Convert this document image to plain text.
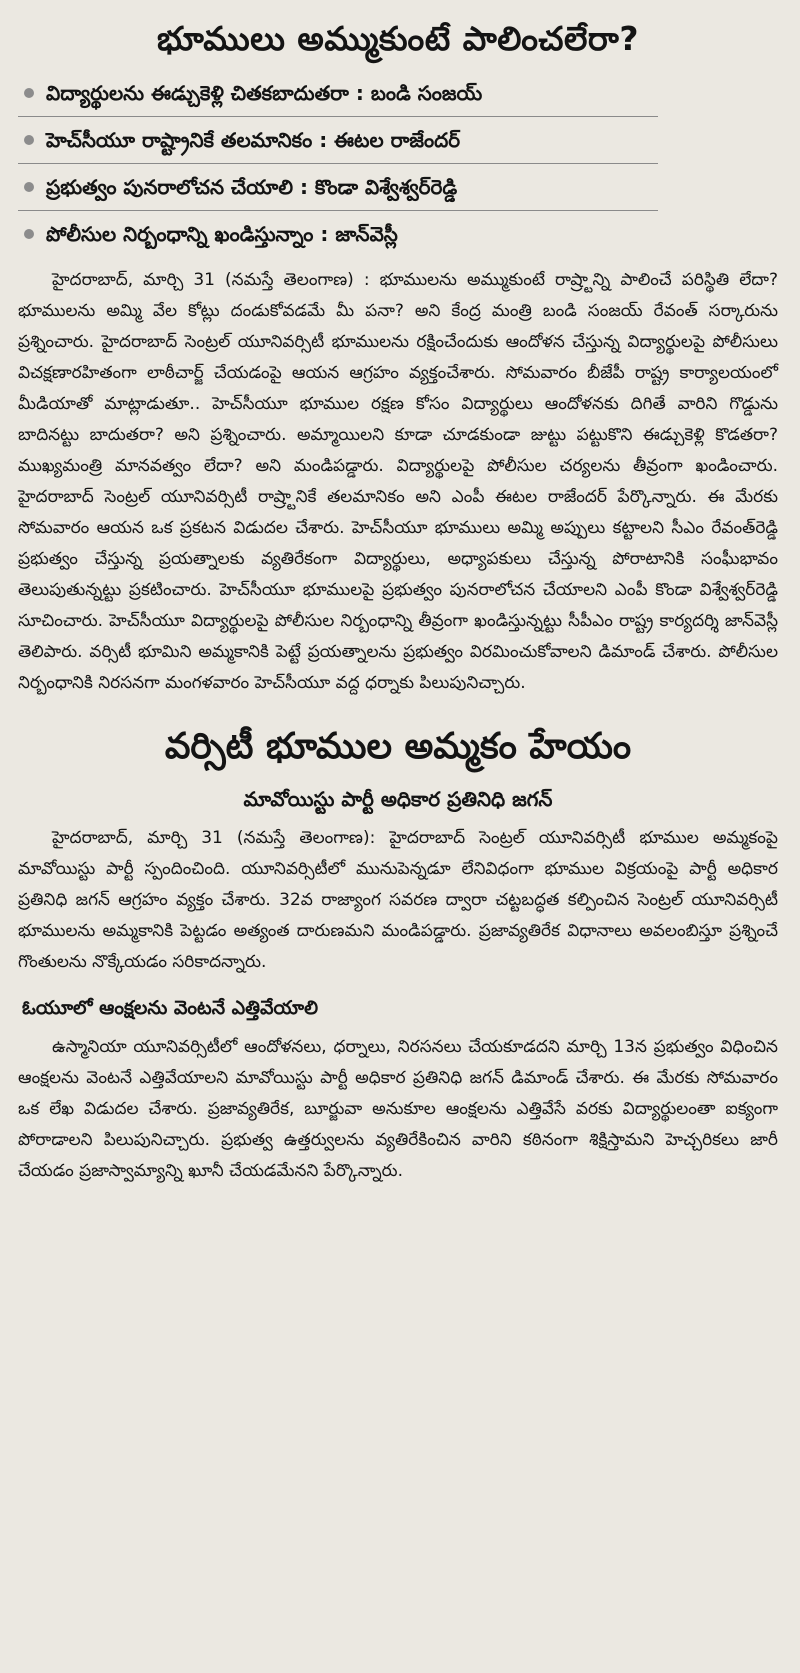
భూములు అమ్ముకుంటే పాలించలేరా?
విద్యార్థులను ఈడ్చుకెళ్లి చితకబాదుతరా : బండి సంజయ్
హెచ్‌సీయూ రాష్ట్రానికే తలమానికం : ఈటల రాజేందర్
ప్రభుత్వం పునరాలోచన చేయాలి : కొండా విశ్వేశ్వర్‌రెడ్డి
పోలీసుల నిర్బంధాన్ని ఖండిస్తున్నాం : జాన్‌వెస్లీ

హైదరాబాద్, మార్చి 31 (నమస్తే తెలంగాణ) : భూములను అమ్ముకుంటే రాష్ర్టాన్ని పాలించే పరిస్థితి లేదా? భూములను అమ్మి వేల కోట్లు దండుకోవడమే మీ పనా? అని కేంద్ర మంత్రి బండి సంజయ్ రేవంత్ సర్కారును ప్రశ్నించారు. హైదరాబాద్ సెంట్రల్ యూనివర్సిటీ భూములను రక్షించేందుకు ఆందోళన చేస్తున్న విద్యార్థులపై పోలీసులు విచక్షణారహితంగా లాఠీచార్జ్ చేయడంపై ఆయన ఆగ్రహం వ్యక్తంచేశారు. సోమవారం బీజేపీ రాష్ట్ర కార్యాలయంలో మీడియాతో మాట్లాడుతూ.. హెచ్‌సీయూ భూముల రక్షణ కోసం విద్యార్థులు ఆందోళనకు దిగితే వారిని గొడ్డును బాదినట్టు బాదుతరా? అని ప్రశ్నించారు. అమ్మాయిలని కూడా చూడకుండా జుట్టు పట్టుకొని ఈడ్చుకెళ్లి కొడతరా? ముఖ్యమంత్రి మానవత్వం లేదా? అని మండిపడ్డారు. విద్యార్థులపై పోలీసుల చర్యలను తీవ్రంగా ఖండించారు. హైదరాబాద్ సెంట్రల్ యూనివర్సిటీ రాష్ర్టానికే తలమానికం అని ఎంపీ ఈటల రాజేందర్ పేర్కొన్నారు. ఈ మేరకు సోమవారం ఆయన ఒక ప్రకటన విడుదల చేశారు. హెచ్‌సీయూ భూములు అమ్మి అప్పులు కట్టాలని సీఎం రేవంత్‌రెడ్డి ప్రభుత్వం చేస్తున్న ప్రయత్నాలకు వ్యతిరేకంగా విద్యార్థులు, అధ్యాపకులు చేస్తున్న పోరాటానికి సంఘీభావం తెలుపుతున్నట్టు ప్రకటించారు. హెచ్‌సీయూ భూములపై ప్రభుత్వం పునరాలోచన చేయాలని ఎంపీ కొండా విశ్వేశ్వర్‌రెడ్డి సూచించారు. హెచ్‌సీయూ విద్యార్థులపై పోలీసుల నిర్బంధాన్ని తీవ్రంగా ఖండిస్తున్నట్టు సీపీఎం రాష్ట్ర కార్యదర్శి జాన్‌వెస్లీ తెలిపారు. వర్సిటీ భూమిని అమ్మకానికి పెట్టే ప్రయత్నాలను ప్రభుత్వం విరమించుకోవాలని డిమాండ్ చేశారు. పోలీసుల నిర్బంధానికి నిరసనగా మంగళవారం హెచ్‌సీయూ వద్ద ధర్నాకు పిలుపునిచ్చారు.

వర్సిటీ భూముల అమ్మకం హేయం
మావోయిస్టు పార్టీ అధికార ప్రతినిధి జగన్

హైదరాబాద్, మార్చి 31 (నమస్తే తెలంగాణ): హైదరాబాద్ సెంట్రల్ యూనివర్సిటీ భూముల అమ్మకంపై మావోయిస్టు పార్టీ స్పందించింది. యూనివర్సిటీలో మునుపెన్నడూ లేనివిధంగా భూముల విక్రయంపై పార్టీ అధికార ప్రతినిధి జగన్ ఆగ్రహం వ్యక్తం చేశారు. 32వ రాజ్యాంగ సవరణ ద్వారా చట్టబద్ధత కల్పించిన సెంట్రల్ యూనివర్సిటీ భూములను అమ్మకానికి పెట్టడం అత్యంత దారుణమని మండిపడ్డారు. ప్రజావ్యతిరేక విధానాలు అవలంబిస్తూ ప్రశ్నించే గొంతులను నొక్కేయడం సరికాదన్నారు.

ఓయూలో ఆంక్షలను వెంటనే ఎత్తివేయాలి

ఉస్మానియా యూనివర్సిటీలో ఆందోళనలు, ధర్నాలు, నిరసనలు చేయకూడదని మార్చి 13న ప్రభుత్వం విధించిన ఆంక్షలను వెంటనే ఎత్తివేయాలని మావోయిస్టు పార్టీ అధికార ప్రతినిధి జగన్ డిమాండ్ చేశారు. ఈ మేరకు సోమవారం ఒక లేఖ విడుదల చేశారు. ప్రజావ్యతిరేక, బూర్జువా అనుకూల ఆంక్షలను ఎత్తివేసే వరకు విద్యార్థులంతా ఐక్యంగా పోరాడాలని పిలుపునిచ్చారు. ప్రభుత్వ ఉత్తర్వులను వ్యతిరేకించిన వారిని కఠినంగా శిక్షిస్తామని హెచ్చరికలు జారీ చేయడం ప్రజాస్వామ్యాన్ని ఖూనీ చేయడమేనని పేర్కొన్నారు.
